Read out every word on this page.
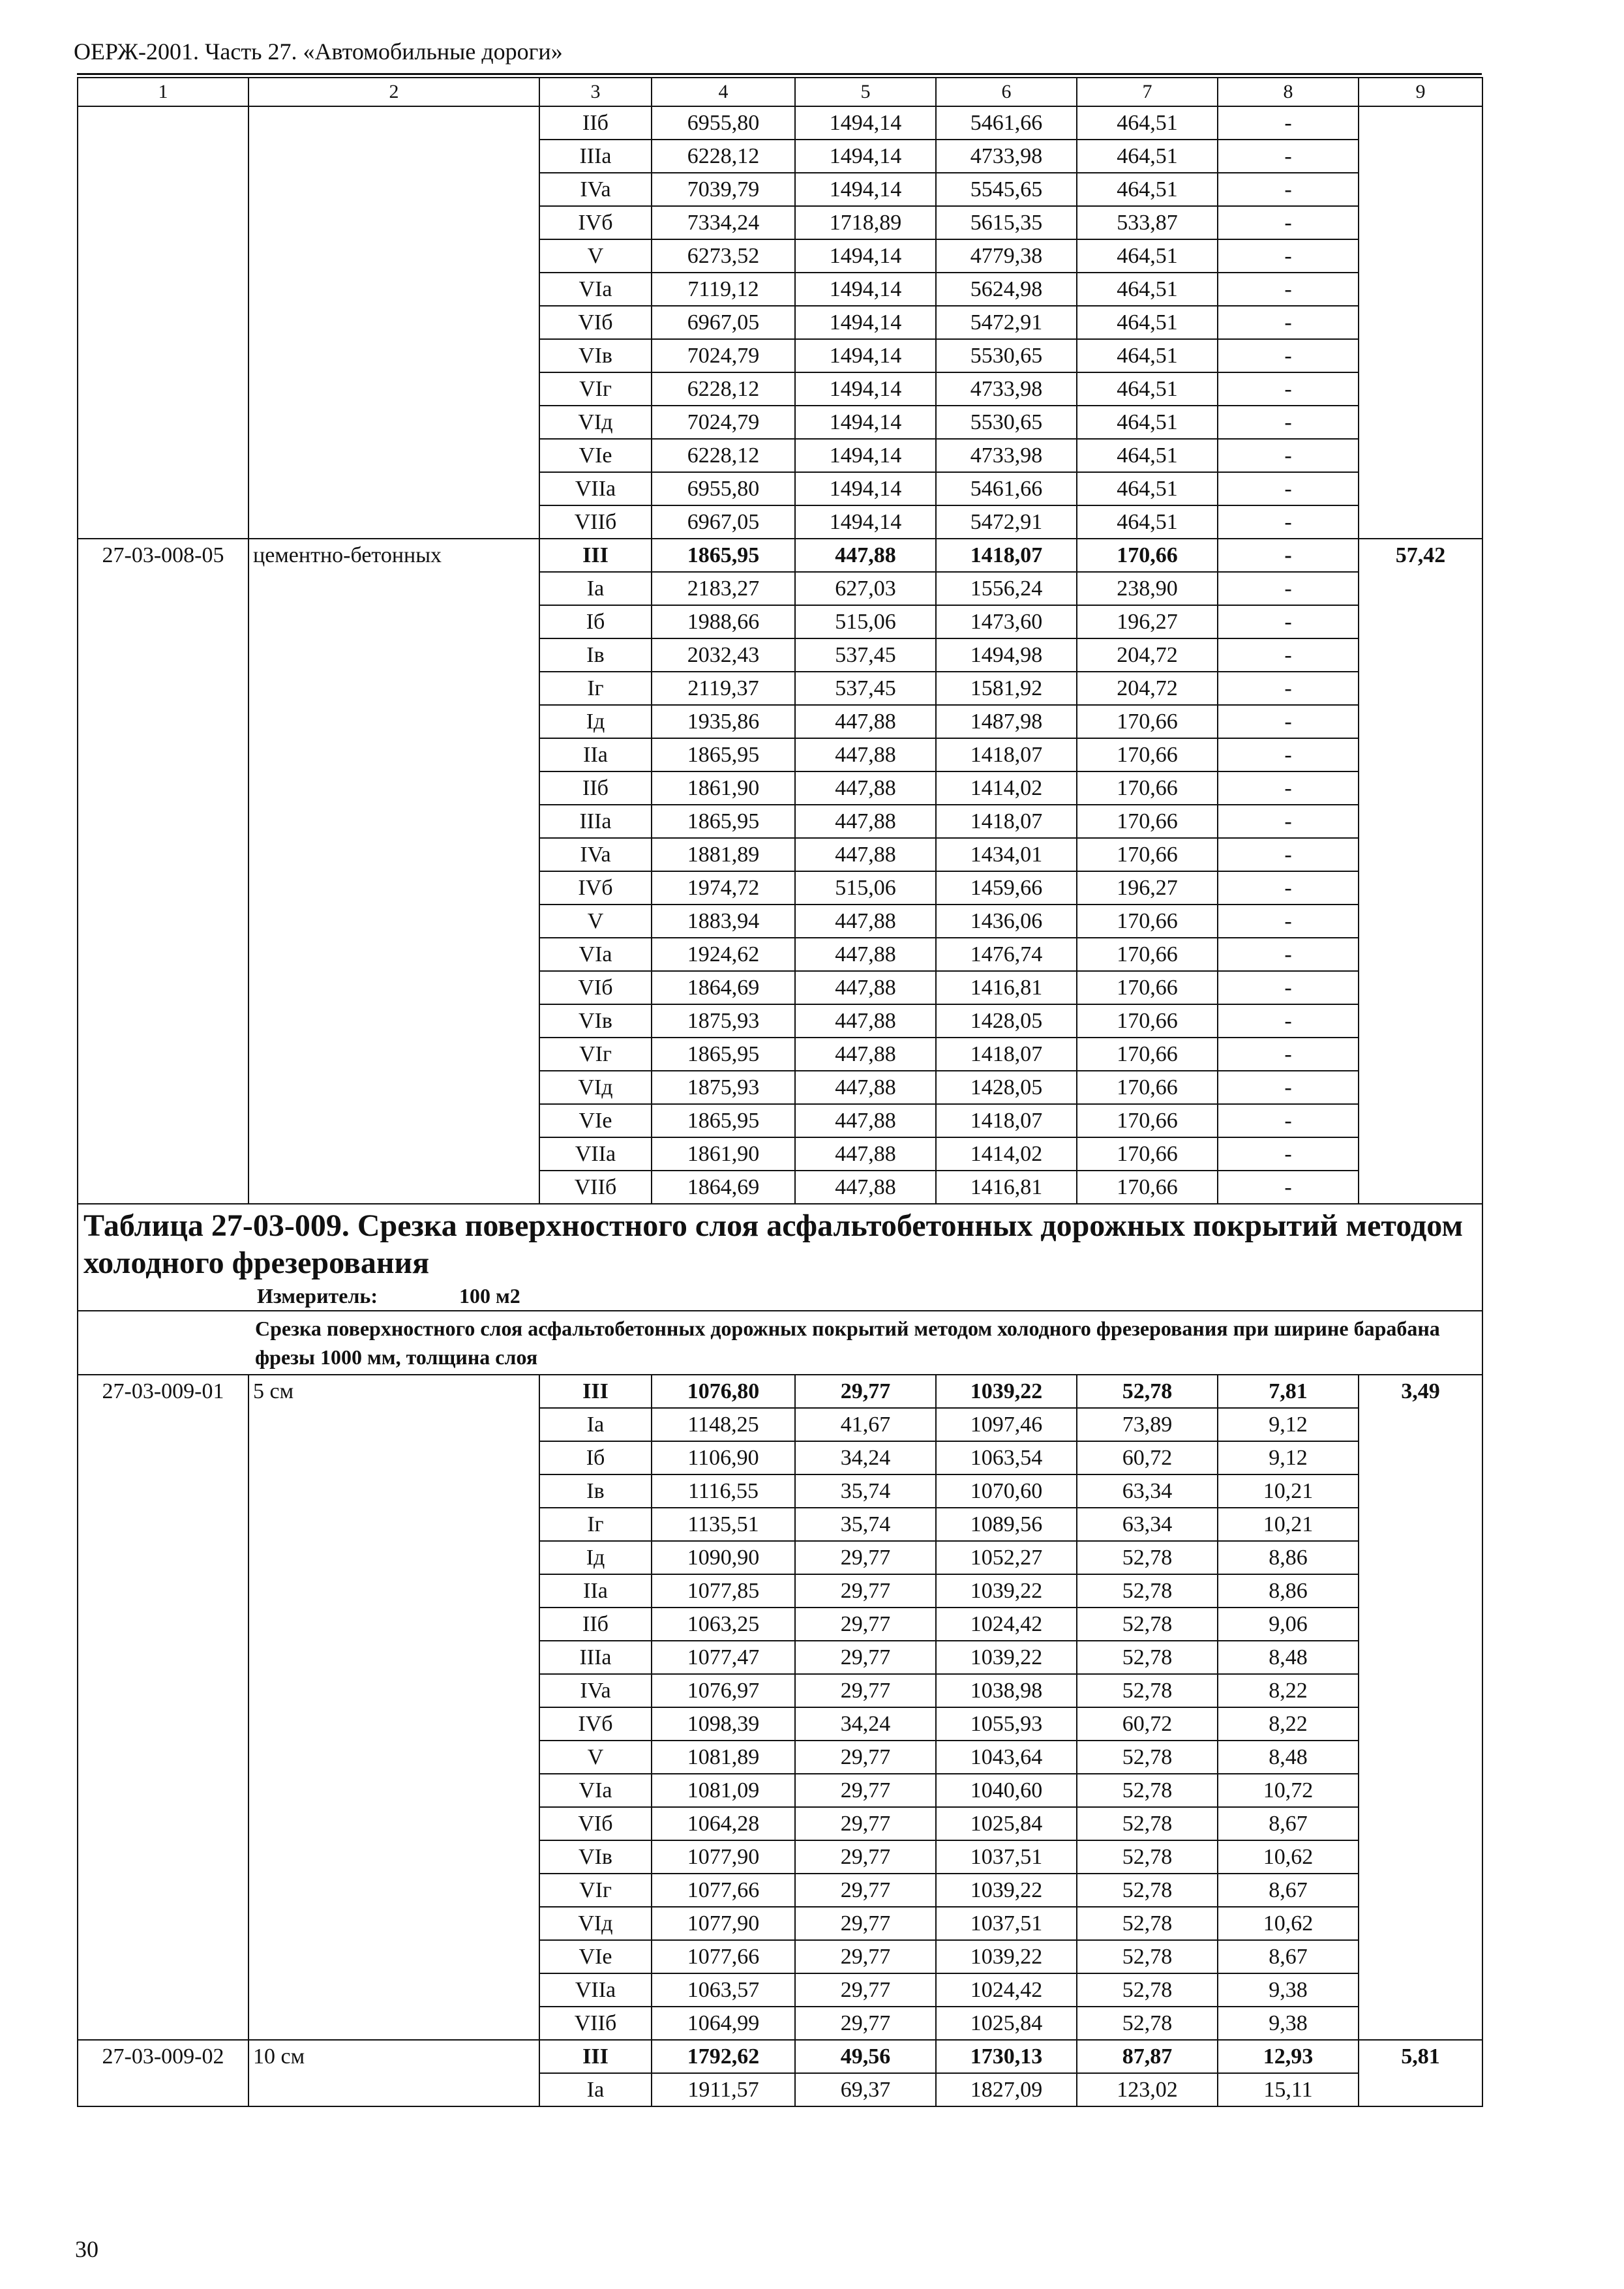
ОЕРЖ-2001. Часть 27. «Автомобильные дороги»
1	2	3	4	5	6	7	8	9
		IIб	6955,80	1494,14	5461,66	464,51	-	
		IIIa	6228,12	1494,14	4733,98	464,51	-	
		IVa	7039,79	1494,14	5545,65	464,51	-	
		IVб	7334,24	1718,89	5615,35	533,87	-	
		V	6273,52	1494,14	4779,38	464,51	-	
		VIa	7119,12	1494,14	5624,98	464,51	-	
		VIб	6967,05	1494,14	5472,91	464,51	-	
		VIв	7024,79	1494,14	5530,65	464,51	-	
		VIг	6228,12	1494,14	4733,98	464,51	-	
		VIд	7024,79	1494,14	5530,65	464,51	-	
		VIe	6228,12	1494,14	4733,98	464,51	-	
		VIIa	6955,80	1494,14	5461,66	464,51	-	
		VIIб	6967,05	1494,14	5472,91	464,51	-	
27-03-008-05	цементно-бетонных	III	1865,95	447,88	1418,07	170,66	-	57,42
		Ia	2183,27	627,03	1556,24	238,90	-	
		Iб	1988,66	515,06	1473,60	196,27	-	
		Iв	2032,43	537,45	1494,98	204,72	-	
		Iг	2119,37	537,45	1581,92	204,72	-	
		Iд	1935,86	447,88	1487,98	170,66	-	
		IIa	1865,95	447,88	1418,07	170,66	-	
		IIб	1861,90	447,88	1414,02	170,66	-	
		IIIa	1865,95	447,88	1418,07	170,66	-	
		IVa	1881,89	447,88	1434,01	170,66	-	
		IVб	1974,72	515,06	1459,66	196,27	-	
		V	1883,94	447,88	1436,06	170,66	-	
		VIa	1924,62	447,88	1476,74	170,66	-	
		VIб	1864,69	447,88	1416,81	170,66	-	
		VIв	1875,93	447,88	1428,05	170,66	-	
		VIг	1865,95	447,88	1418,07	170,66	-	
		VIд	1875,93	447,88	1428,05	170,66	-	
		VIe	1865,95	447,88	1418,07	170,66	-	
		VIIa	1861,90	447,88	1414,02	170,66	-	
		VIIб	1864,69	447,88	1416,81	170,66	-	

Таблица 27-03-009. Срезка поверхностного слоя асфальтобетонных дорожных покрытий методом холодного фрезерования
Измеритель: 100 м2								

	Срезка поверхностного слоя асфальтобетонных дорожных покрытий методом холодного фрезерования при ширине барабана фрезы 1000 мм, толщина слоя							
27-03-009-01	5 см	III	1076,80	29,77	1039,22	52,78	7,81	3,49
		Ia	1148,25	41,67	1097,46	73,89	9,12	
		Iб	1106,90	34,24	1063,54	60,72	9,12	
		Iв	1116,55	35,74	1070,60	63,34	10,21	
		Iг	1135,51	35,74	1089,56	63,34	10,21	
		Iд	1090,90	29,77	1052,27	52,78	8,86	
		IIa	1077,85	29,77	1039,22	52,78	8,86	
		IIб	1063,25	29,77	1024,42	52,78	9,06	
		IIIa	1077,47	29,77	1039,22	52,78	8,48	
		IVa	1076,97	29,77	1038,98	52,78	8,22	
		IVб	1098,39	34,24	1055,93	60,72	8,22	
		V	1081,89	29,77	1043,64	52,78	8,48	
		VIa	1081,09	29,77	1040,60	52,78	10,72	
		VIб	1064,28	29,77	1025,84	52,78	8,67	
		VIв	1077,90	29,77	1037,51	52,78	10,62	
		VIг	1077,66	29,77	1039,22	52,78	8,67	
		VIд	1077,90	29,77	1037,51	52,78	10,62	
		VIe	1077,66	29,77	1039,22	52,78	8,67	
		VIIa	1063,57	29,77	1024,42	52,78	9,38	
		VIIб	1064,99	29,77	1025,84	52,78	9,38	
27-03-009-02	10 см	III	1792,62	49,56	1730,13	87,87	12,93	5,81
		Ia	1911,57	69,37	1827,09	123,02	15,11	
30
